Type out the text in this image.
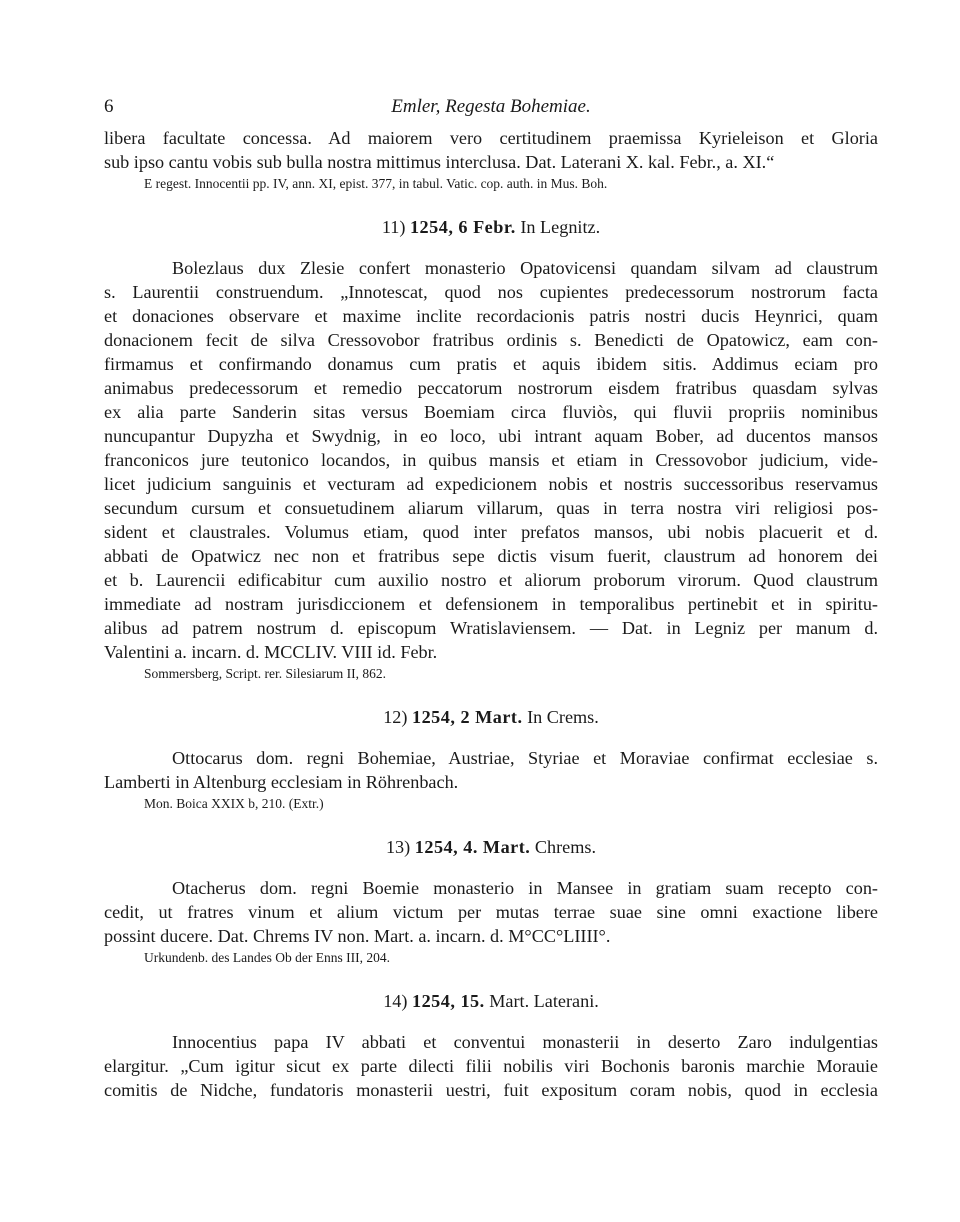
6	Emler, Regesta Bohemiae.
libera facultate concessa. Ad maiorem vero certitudinem praemissa Kyrieleison et Gloria
sub ipso cantu vobis sub bulla nostra mittimus interclusa. Dat. Laterani X. kal. Febr., a. XI.“
E regest. Innocentii pp. IV, ann. XI, epist. 377, in tabul. Vatic. cop. auth. in Mus. Boh.
11) 1254, 6 Febr. In Legnitz.
Bolezlaus dux Zlesie confert monasterio Opatovicensi quandam silvam ad claustrum
s. Laurentii construendum. „Innotescat, quod nos cupientes predecessorum nostrorum facta
et donaciones observare et maxime inclite recordacionis patris nostri ducis Heynrici, quam
donacionem fecit de silva Cressovobor fratribus ordinis s. Benedicti de Opatowicz, eam con-
firmamus et confirmando donamus cum pratis et aquis ibidem sitis. Addimus eciam pro
animabus predecessorum et remedio peccatorum nostrorum eisdem fratribus quasdam sylvas
ex alia parte Sanderin sitas versus Boemiam circa fluviòs, qui fluvii propriis nominibus
nuncupantur Dupyzha et Swydnig, in eo loco, ubi intrant aquam Bober, ad ducentos mansos
franconicos jure teutonico locandos, in quibus mansis et etiam in Cressovobor judicium, vide-
licet judicium sanguinis et vecturam ad expedicionem nobis et nostris successoribus reservamus
secundum cursum et consuetudinem aliarum villarum, quas in terra nostra viri religiosi pos-
sident et claustrales. Volumus etiam, quod inter prefatos mansos, ubi nobis placuerit et d.
abbati de Opatwicz nec non et fratribus sepe dictis visum fuerit, claustrum ad honorem dei
et b. Laurencii edificabitur cum auxilio nostro et aliorum proborum virorum. Quod claustrum
immediate ad nostram jurisdiccionem et defensionem in temporalibus pertinebit et in spiritu-
alibus ad patrem nostrum d. episcopum Wratislaviensem. — Dat. in Legniz per manum d.
Valentini a. incarn. d. MCCLIV. VIII id. Febr.
Sommersberg, Script. rer. Silesiarum II, 862.
12) 1254, 2 Mart. In Crems.
Ottocarus dom. regni Bohemiae, Austriae, Styriae et Moraviae confirmat ecclesiae s.
Lamberti in Altenburg ecclesiam in Röhrenbach.
Mon. Boica XXIX b, 210. (Extr.)
13) 1254, 4. Mart. Chrems.
Otacherus dom. regni Boemie monasterio in Mansee in gratiam suam recepto con-
cedit, ut fratres vinum et alium victum per mutas terrae suae sine omni exactione libere
possint ducere. Dat. Chrems IV non. Mart. a. incarn. d. M°CC°LIIII°.
Urkundenb. des Landes Ob der Enns III, 204.
14) 1254, 15. Mart. Laterani.
Innocentius papa IV abbati et conventui monasterii in deserto Zaro indulgentias
elargitur. „Cum igitur sicut ex parte dilecti filii nobilis viri Bochonis baronis marchie Morauie
comitis de Nidche, fundatoris monasterii uestri, fuit expositum coram nobis, quod in ecclesia
